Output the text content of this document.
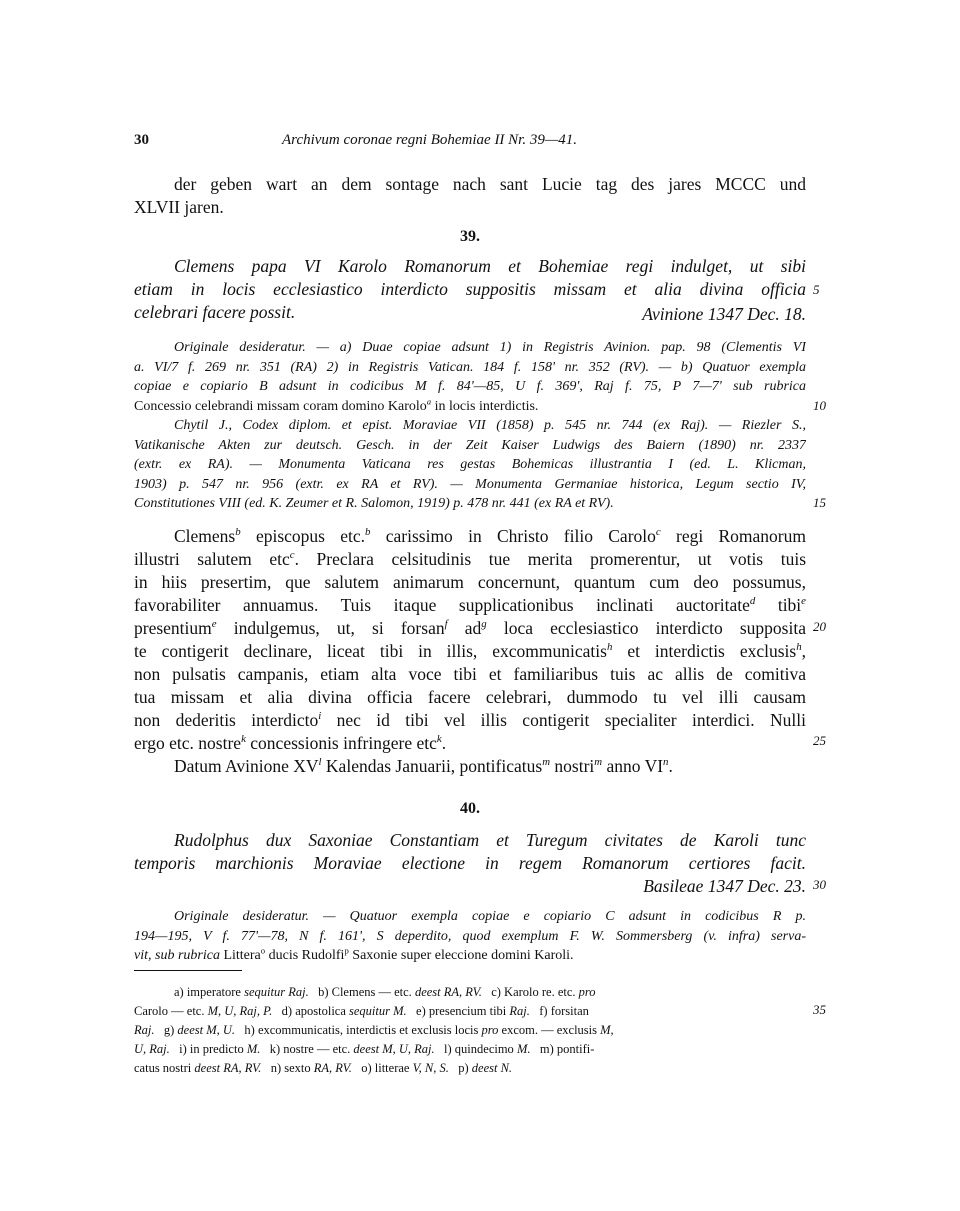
30	Archivum coronae regni Bohemiae II Nr. 39—41.
der geben wart an dem sontage nach sant Lucie tag des jares MCCC und
XLVII jaren.
39.
Clemens papa VI Karolo Romanorum et Bohemiae regi indulget, ut sibi
etiam in locis ecclesiastico interdicto suppositis missam et alia divina officia
celebrari facere possit.	Avinione 1347 Dec. 18.
Originale desideratur. — a) Duae copiae adsunt 1) in Registris Avinion. pap. 98 (Clementis VI
a. VI/7 f. 269 nr. 351 (RA) 2) in Registris Vatican. 184 f. 158' nr. 352 (RV). — b) Quatuor exempla
copiae e copiario B adsunt in codicibus M f. 84'—85, U f. 369', Raj f. 75, P 7—7' sub rubrica
Concessio celebrandi missam coram domino Karolo$^a$ in locis interdictis.
Chytil J., Codex diplom. et epist. Moraviae VII (1858) p. 545 nr. 744 (ex Raj). — Riezler S.,
Vatikanische Akten zur deutsch. Gesch. in der Zeit Kaiser Ludwigs des Baiern (1890) nr. 2337
(extr. ex RA). — Monumenta Vaticana res gestas Bohemicas illustrantia I (ed. L. Klicman,
1903) p. 547 nr. 956 (extr. ex RA et RV). — Monumenta Germaniae historica, Legum sectio IV,
Constitutiones VIII (ed. K. Zeumer et R. Salomon, 1919) p. 478 nr. 441 (ex RA et RV).
Clemens$^b$ episcopus etc.$^b$ carissimo in Christo filio Carolo$^c$ regi Romanorum
illustri salutem etc$^c$. Preclara celsitudinis tue merita promerentur, ut votis tuis
in hiis presertim, que salutem animarum concernunt, quantum cum deo possumus,
favorabiliter annuamus. Tuis itaque supplicationibus inclinati auctoritate$^d$ tibi$^e$
presentium$^e$ indulgemus, ut, si forsan$^f$ $ad^g$ loca ecclesiastico interdicto supposita
te contigerit declinare, liceat tibi in illis, excommunicatis$^h$ et interdictis exclusis$^h$,
non pulsatis campanis, etiam alta voce tibi et familiaribus tuis ac allis de comitiva
tua missam et alia divina officia facere celebrari, dummodo tu vel illi causam
non dederitis interdicto$^i$ nec id tibi vel illis contigerit specialiter interdici. Nulli
ergo etc. nostre$^k$ concessionis infringere etc$^k$.
Datum Avinione $XV^l$ Kalendas Januarii, pontificatus$^m$ nostri$^m$ anno $VI^n$.
40.
Rudolphus dux Saxoniae Constantiam et Turegum civitates de Karoli tunc
temporis marchionis Moraviae electione in regem Romanorum certiores facit.
Basileae 1347 Dec. 23.
Originale desideratur. — Quatuor exempla copiae e copiario C adsunt in codicibus R p.
194—195, V f. 77'—78, N f. 161', S deperdito, quod exemplum F. W. Sommersberg (v. infra) serva-
vit, sub rubrica Littera$^o$ ducis Rudolfi$^p$ Saxonie super eleccione domini Karoli.
a) imperatore sequitur Raj.   b) Clemens — etc. deest RA, RV.   c) Karolo re. etc. pro
Carolo — etc. M, U, Raj, P.   d) apostolica sequitur M.   e) presencium tibi Raj.   f) forsitan
Raj.   g) deest M, U.   h) excommunicatis, interdictis et exclusis locis pro excom. — exclusis M,
U, Raj.   i) in predicto M.   k) nostre — etc. deest M, U, Raj.   l) quindecimo M.   m) pontifi-
catus nostri deest RA, RV.   n) sexto RA, RV.   o) litterae V, N, S.   p) deest N.
5
10
15
20
25
30
35
